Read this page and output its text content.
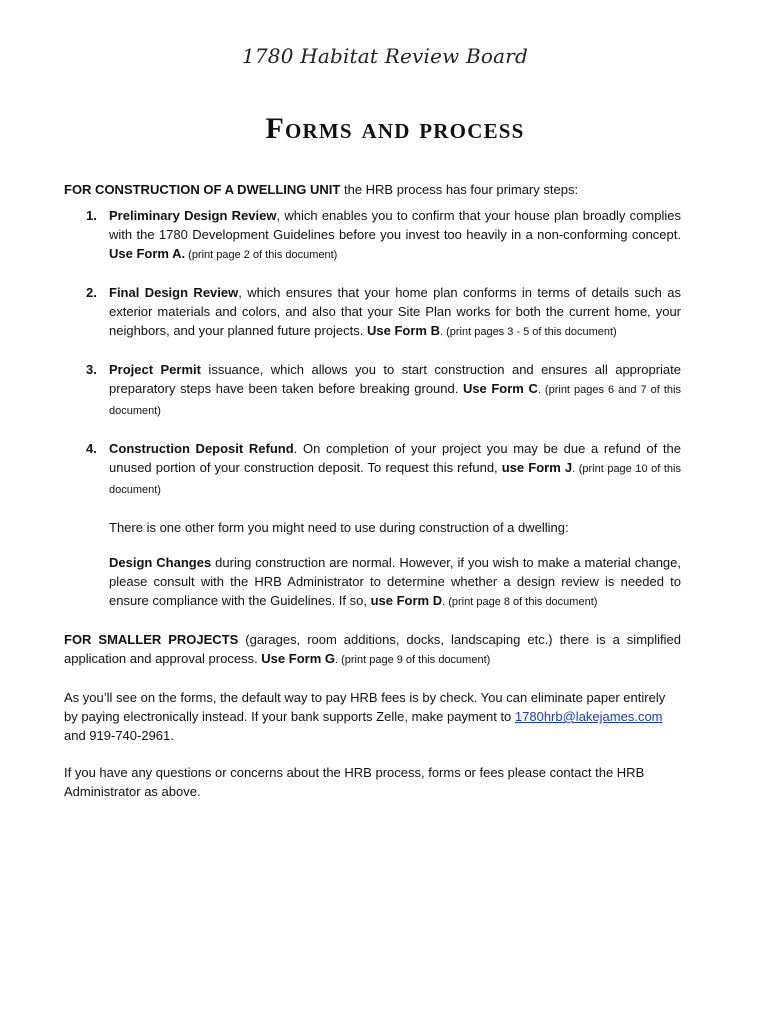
1780 Habitat Review Board
Forms and process

FOR CONSTRUCTION OF A DWELLING UNIT the HRB process has four primary steps:

1. Preliminary Design Review, which enables you to confirm that your house plan broadly complies with the 1780 Development Guidelines before you invest too heavily in a non-conforming concept. Use Form A. (print page 2 of this document)
2. Final Design Review, which ensures that your home plan conforms in terms of details such as exterior materials and colors, and also that your Site Plan works for both the current home, your neighbors, and your planned future projects. Use Form B. (print pages 3 - 5 of this document)
3. Project Permit issuance, which allows you to start construction and ensures all appropriate preparatory steps have been taken before breaking ground. Use Form C. (print pages 6 and 7 of this document)
4. Construction Deposit Refund. On completion of your project you may be due a refund of the unused portion of your construction deposit. To request this refund, use Form J. (print page 10 of this document)

There is one other form you might need to use during construction of a dwelling:

Design Changes during construction are normal. However, if you wish to make a material change, please consult with the HRB Administrator to determine whether a design review is needed to ensure compliance with the Guidelines. If so, use Form D. (print page 8 of this document)

FOR SMALLER PROJECTS (garages, room additions, docks, landscaping etc.) there is a simplified application and approval process. Use Form G. (print page 9 of this document)

As you’ll see on the forms, the default way to pay HRB fees is by check. You can eliminate paper entirely by paying electronically instead. If your bank supports Zelle, make payment to 1780hrb@lakejames.com and 919-740-2961.

If you have any questions or concerns about the HRB process, forms or fees please contact the HRB Administrator as above.
